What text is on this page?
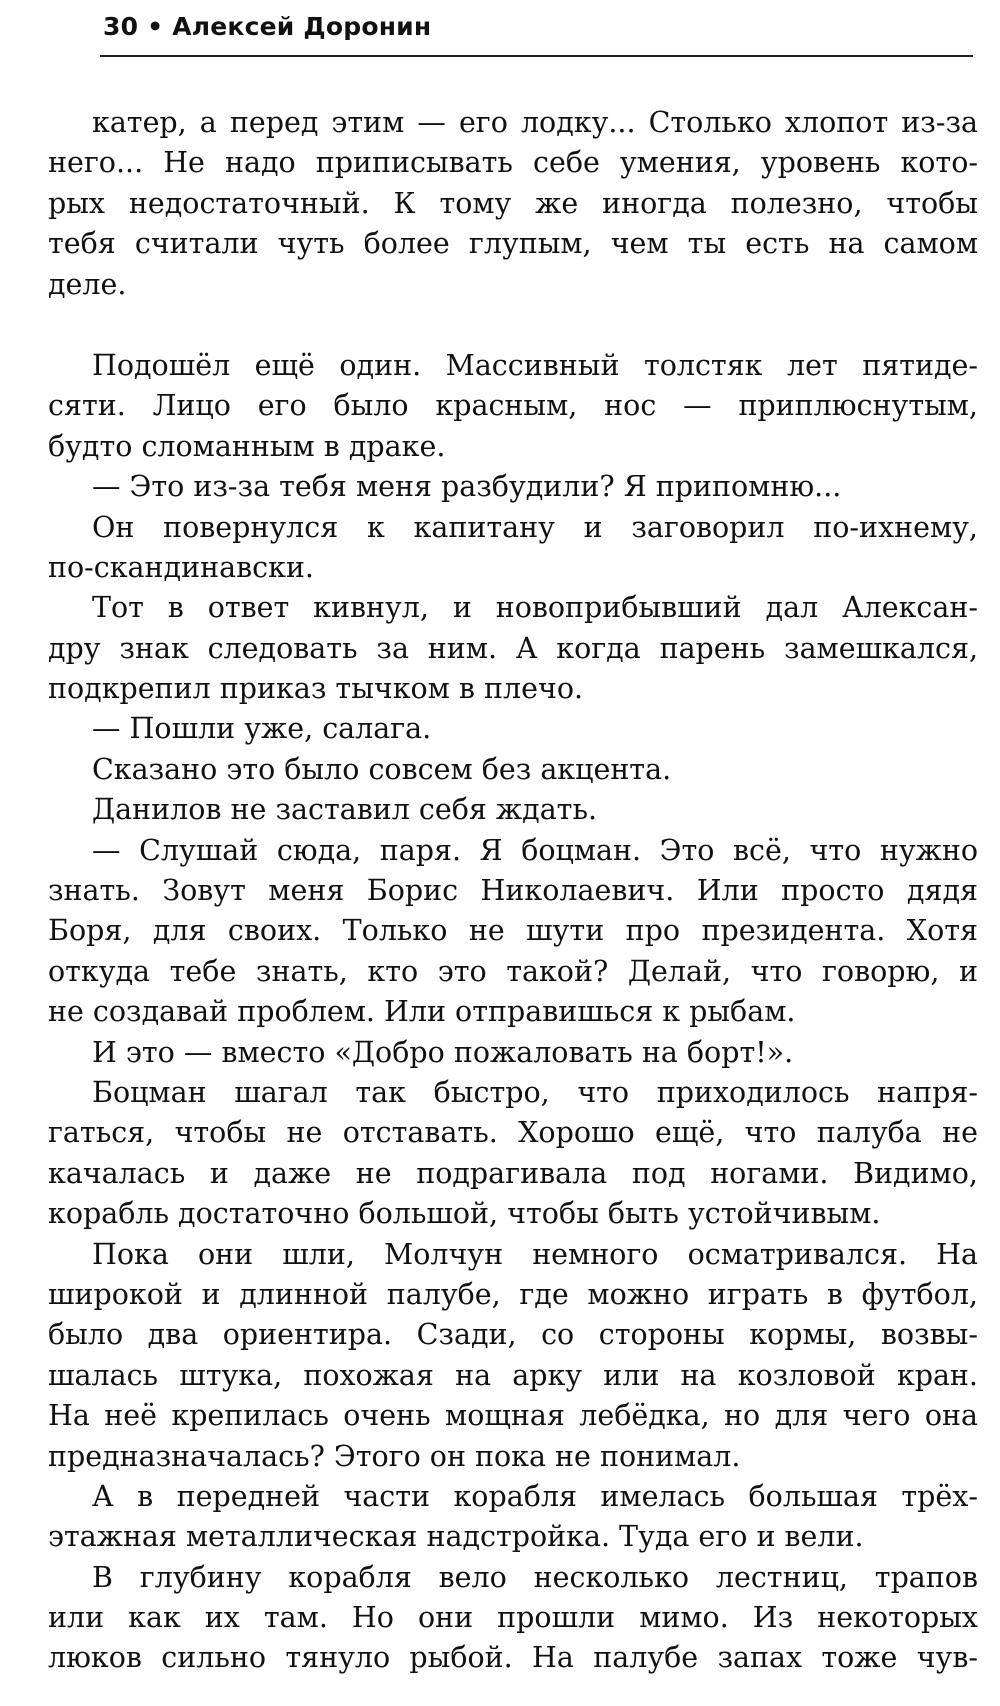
30 • Алексей Доронин
катер, а перед этим — его лодку... Столько хлопот из-за
него... Не надо приписывать себе умения, уровень кото-
рых недостаточный. К тому же иногда полезно, чтобы
тебя считали чуть более глупым, чем ты есть на самом
деле.
Подошёл ещё один. Массивный толстяк лет пятиде-
сяти. Лицо его было красным, нос — приплюснутым,
будто сломанным в драке.
— Это из-за тебя меня разбудили? Я припомню...
Он повернулся к капитану и заговорил по-ихнему,
по-скандинавски.
Тот в ответ кивнул, и новоприбывший дал Алексан-
дру знак следовать за ним. А когда парень замешкался,
подкрепил приказ тычком в плечо.
— Пошли уже, салага.
Сказано это было совсем без акцента.
Данилов не заставил себя ждать.
— Слушай сюда, паря. Я боцман. Это всё, что нужно
знать. Зовут меня Борис Николаевич. Или просто дядя
Боря, для своих. Только не шути про президента. Хотя
откуда тебе знать, кто это такой? Делай, что говорю, и
не создавай проблем. Или отправишься к рыбам.
И это — вместо «Добро пожаловать на борт!».
Боцман шагал так быстро, что приходилось напря-
гаться, чтобы не отставать. Хорошо ещё, что палуба не
качалась и даже не подрагивала под ногами. Видимо,
корабль достаточно большой, чтобы быть устойчивым.
Пока они шли, Молчун немного осматривался. На
широкой и длинной палубе, где можно играть в футбол,
было два ориентира. Сзади, со стороны кормы, возвы-
шалась штука, похожая на арку или на козловой кран.
На неё крепилась очень мощная лебёдка, но для чего она
предназначалась? Этого он пока не понимал.
А в передней части корабля имелась большая трёх-
этажная металлическая надстройка. Туда его и вели.
В глубину корабля вело несколько лестниц, трапов
или как их там. Но они прошли мимо. Из некоторых
люков сильно тянуло рыбой. На палубе запах тоже чув-
